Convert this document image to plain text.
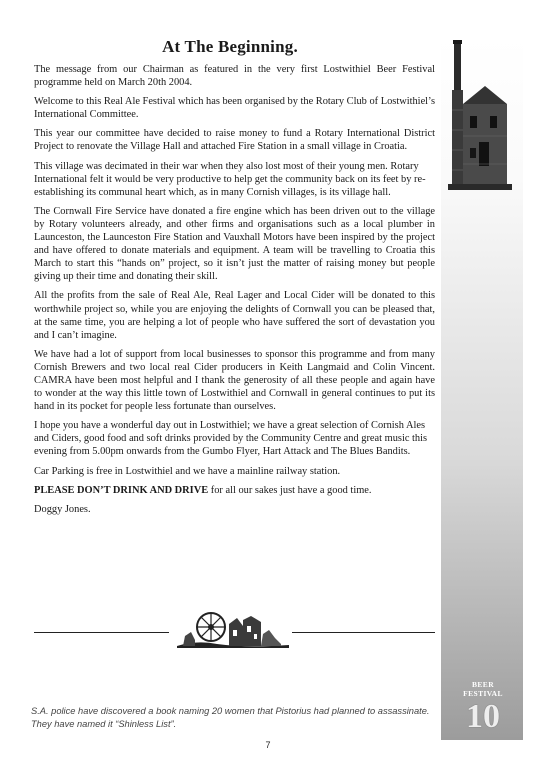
At The Beginning.

The message from our Chairman as featured in the very first Lostwithiel Beer Festival programme held on March 20th 2004.

Welcome to this Real Ale Festival which has been organised by the Rotary Club of Lostwithiel’s International Committee.

This year our committee have decided to raise money to fund a Rotary International District Project to renovate the Village Hall and attached Fire Station in a small village in Croatia.

This village was decimated in their war when they also lost most of their young men. Rotary International felt it would be very productive to help get the community back on its feet by re-establishing its communal heart which, as in many Cornish villages, is its village hall.

The Cornwall Fire Service have donated a fire engine which has been driven out to the village by Rotary volunteers already, and other firms and organisations such as a local plumber in Launceston, the Launceston Fire Station and Vauxhall Motors have been inspired by the project and have offered to donate materials and equipment. A team will be travelling to Croatia this March to start this “hands on” project, so it isn’t just the matter of raising money but people giving up their time and donating their skill.

All the profits from the sale of Real Ale, Real Lager and Local Cider will be donated to this worthwhile project so, while you are enjoying the delights of Cornwall you can be pleased that, at the same time, you are helping a lot of people who have suffered the sort of devastation you and I can’t imagine.

We have had a lot of support from local businesses to sponsor this programme and from many Cornish Brewers and two local real Cider producers in Keith Langmaid and Colin Vincent. CAMRA have been most helpful and I thank the generosity of all these people and again have to wonder at the way this little town of Lostwithiel and Cornwall in general continues to put its hand in its pocket for people less fortunate than ourselves.

I hope you have a wonderful day out in Lostwithiel; we have a great selection of Cornish Ales and Ciders, good food and soft drinks provided by the Community Centre and great music this evening from 5.00pm onwards from the Gumbo Flyer, Hart Attack and The Blues Bandits.

Car Parking is free in Lostwithiel and we have a mainline railway station.

PLEASE DON’T DRINK AND DRIVE for all our sakes just have a good time.

Doggy Jones.

BEER FESTIVAL
10
S.A. police have discovered a book naming 20 women that Pistorius had planned to assassinate. They have named it “Shinless List”.
7
